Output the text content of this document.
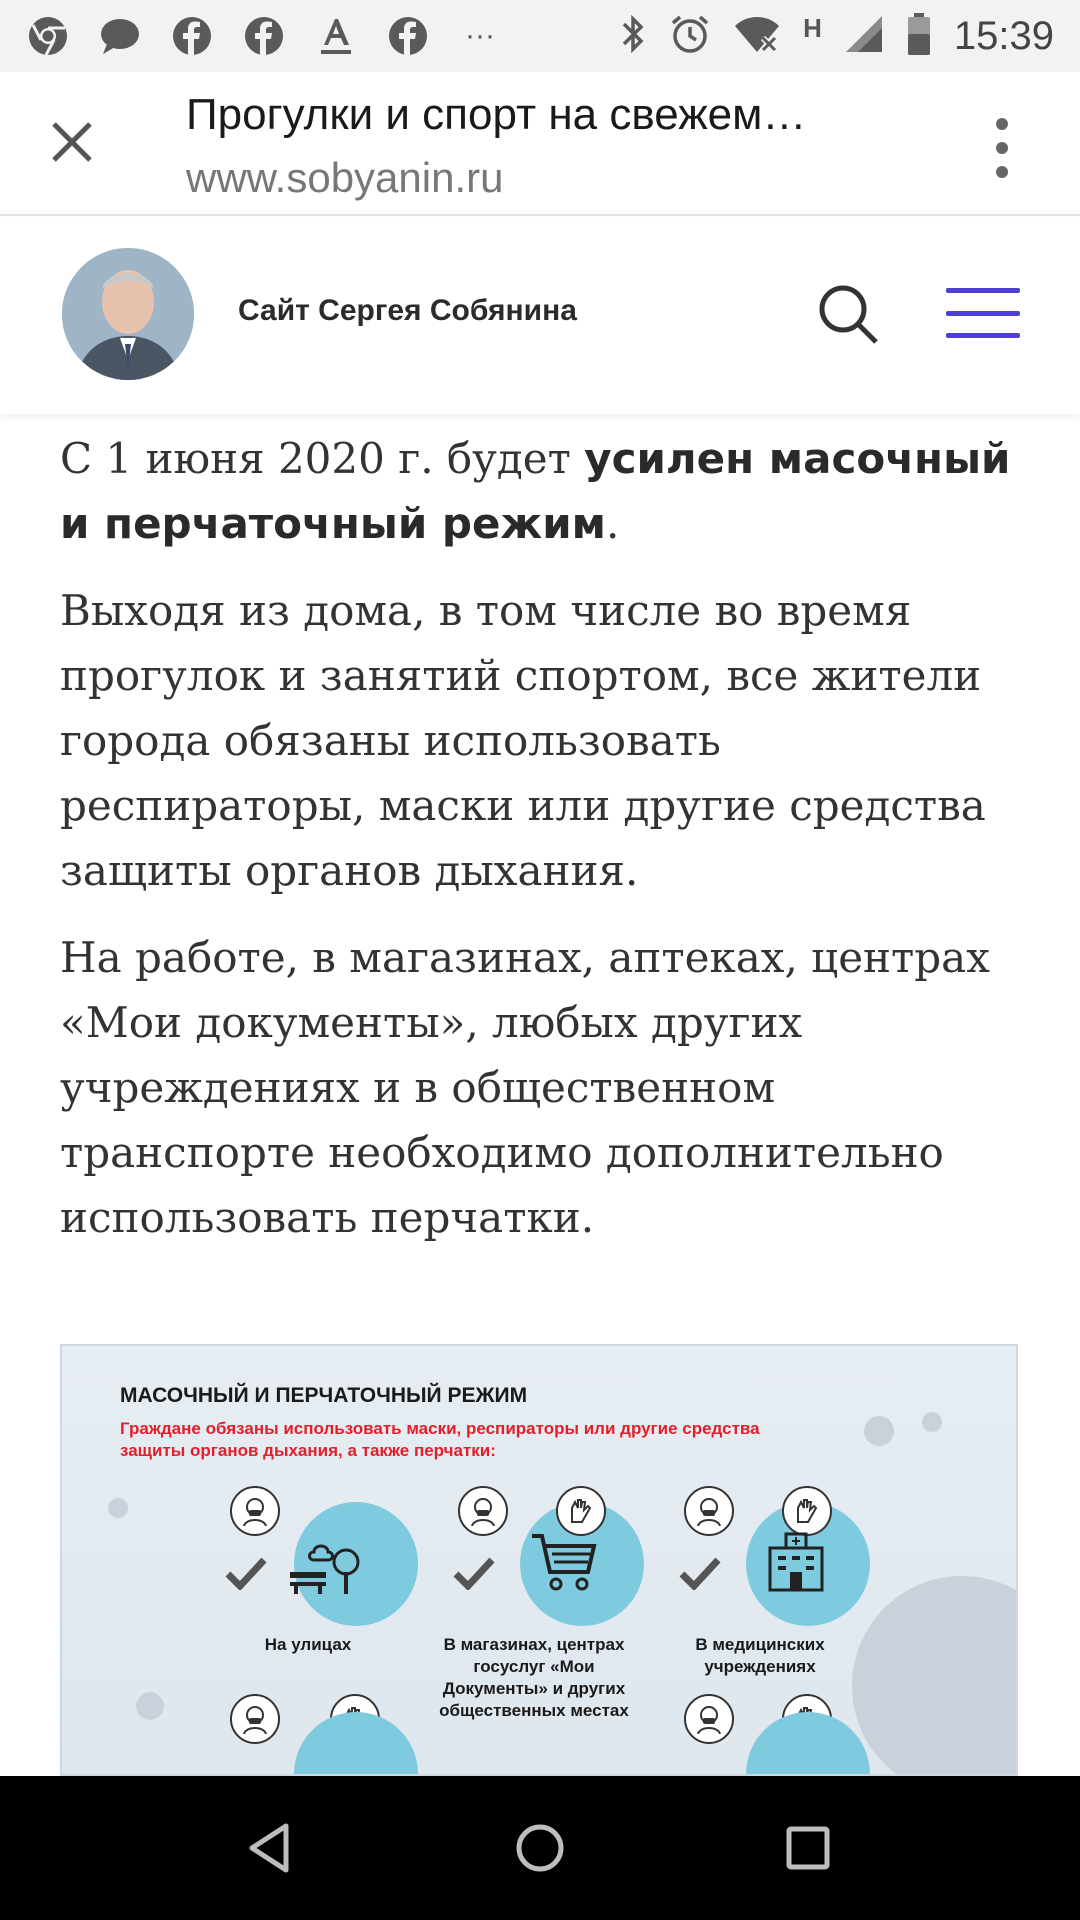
···	H	15:39
Прогулки и спорт на свежем…
www.sobyanin.ru
Сайт Сергея Собянина

С 1 июня 2020 г. будет усилен масочный и перчаточный режим.

Выходя из дома, в том числе во время прогулок и занятий спортом, все жители города обязаны использовать респираторы, маски или другие средства защиты органов дыхания.

На работе, в магазинах, аптеках, центрах «Мои документы», любых других учреждениях и в общественном транспорте необходимо дополнительно использовать перчатки.

МАСОЧНЫЙ И ПЕРЧАТОЧНЫЙ РЕЖИМ
Граждане обязаны использовать маски, респираторы или другие средства защиты органов дыхания, а также перчатки:
На улицах	В магазинах, центрах госуслуг «Мои Документы» и других общественных местах
В медицинских учреждениях
